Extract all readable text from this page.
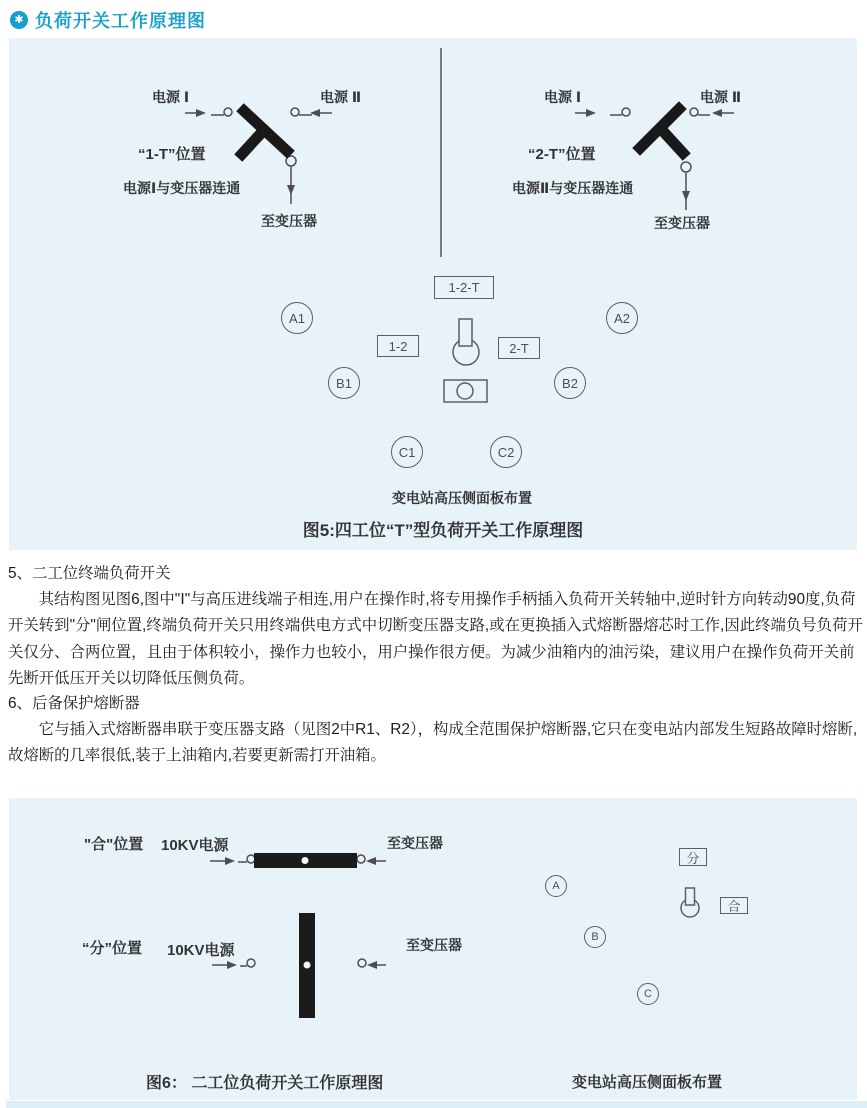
✱ 负荷开关工作原理图
电源 Ⅰ	电源 Ⅱ
“1-T”位置
电源Ⅰ与变压器连通
至变压器
电源 Ⅰ	电源 Ⅱ
“2-T”位置
电源Ⅱ与变压器连通
至变压器
1-2-T
1-2	2-T
A1	A2
B1	B2
C1	C2
变电站高压侧面板布置
图5:四工位“T”型负荷开关工作原理图
5、二工位终端负荷开关
其结构图见图6,图中"Ⅰ"与高压进线端子相连,用户在操作时,将专用操作手柄插入负荷开关转轴中,逆时针方向转动90度,负荷开关转到"分"闸位置,终端负荷开关只用终端供电方式中切断变压器支路,或在更换插入式熔断器熔芯时工作,因此终端负号负荷开关仅分、合两位置，且由于体积较小，操作力也较小，用户操作很方便。为减少油箱内的油污染，建议用户在操作负荷开关前先断开低压开关以切降低压侧负荷。
6、后备保护熔断器
它与插入式熔断器串联于变压器支路（见图2中R1、R2），构成全范围保护熔断器,它只在变电站内部发生短路故障时熔断,故熔断的几率很低,装于上油箱内,若要更新需打开油箱。
"合"位置 10KV电源	至变压器
“分”位置 10KV电源	至变压器
分
合
A
B
C
图6： 二工位负荷开关工作原理图	变电站高压侧面板布置
